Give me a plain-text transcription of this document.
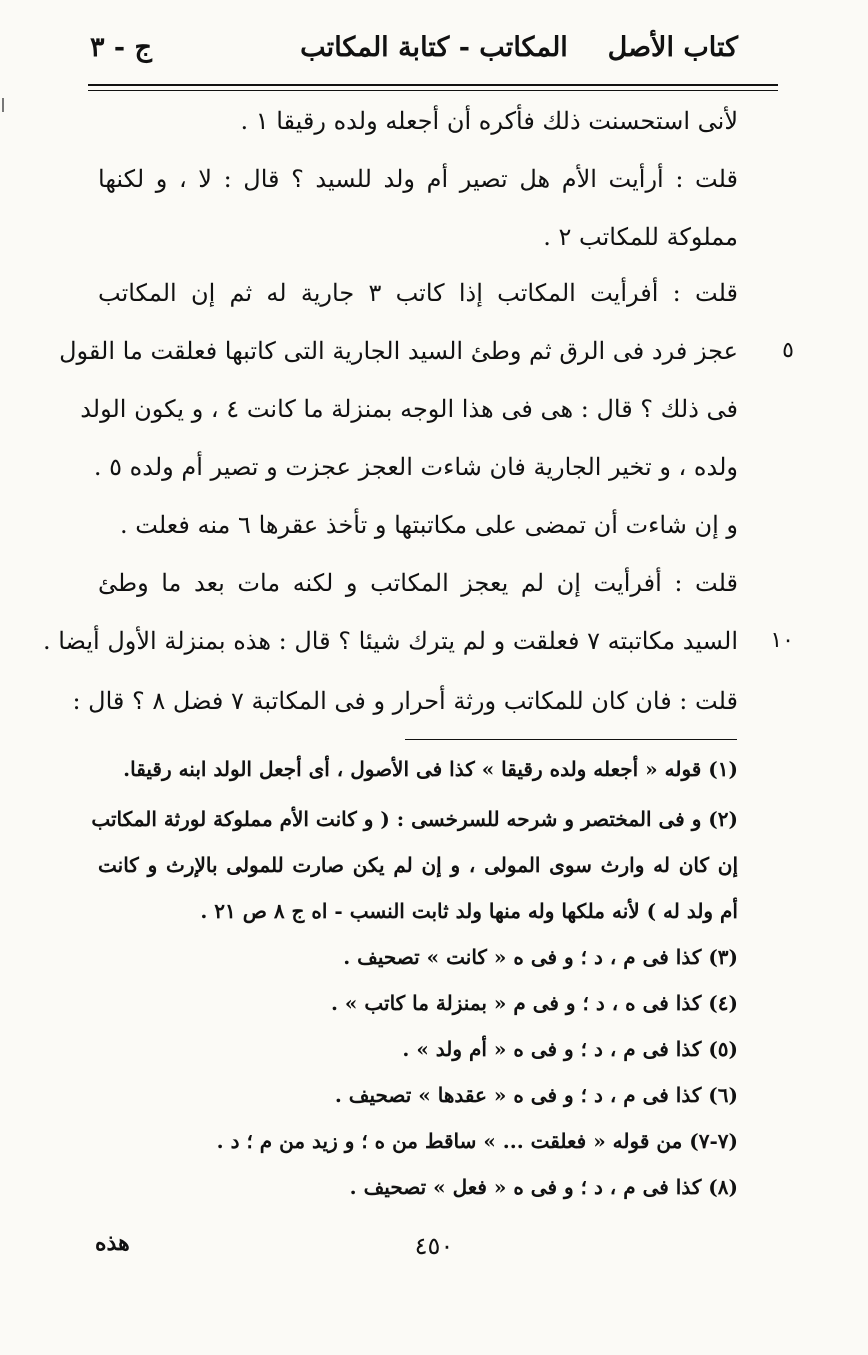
كتاب الأصل
المكاتب - كتابة المكاتب
ج - ٣
لأنى استحسنت ذلك فأكره أن أجعله ولده رقيقا ١ .
قلت : أرأيت الأم هل تصير أم ولد للسيد ؟ قال : لا ، و لكنها
مملوكة للمكاتب ٢ .
قلت : أفرأيت المكاتب إذا كاتب ٣ جارية له ثم إن المكاتب
عجز فرد فى الرق ثم وطئ السيد الجارية التى كاتبها فعلقت ما القول
فى ذلك ؟ قال : هى فى هذا الوجه بمنزلة ما كانت ٤ ، و يكون الولد
ولده ، و تخير الجارية فان شاءت العجز عجزت و تصير أم ولده ٥ .
و إن شاءت أن تمضى على مكاتبتها و تأخذ عقرها ٦ منه فعلت .
قلت : أفرأيت إن لم يعجز المكاتب و لكنه مات بعد ما وطئ
السيد مكاتبته ٧ فعلقت و لم يترك شيئا ؟ قال : هذه بمنزلة الأول أيضا .
قلت : فان كان للمكاتب ورثة أحرار و فى المكاتبة ٧ فضل ٨ ؟ قال :
٥
١٠
(١) قوله « أجعله ولده رقيقا » كذا فى الأصول ، أى أجعل الولد ابنه رقيقا.
(٢) و فى المختصر و شرحه للسرخسى : ( و كانت الأم مملوكة لورثة المكاتب
إن كان له وارث سوى المولى ، و إن لم يكن صارت للمولى بالإرث و كانت
أم ولد له ) لأنه ملكها وله منها ولد ثابت النسب - اه ج ٨ ص ٢١ .
(٣) كذا فى م ، د ؛ و فى ه « كانت » تصحيف .
(٤) كذا فى ه ، د ؛ و فى م « بمنزلة ما كاتب » .
(٥) كذا فى م ، د ؛ و فى ه « أم ولد » .
(٦) كذا فى م ، د ؛ و فى ه « عقدها » تصحيف .
(٧-٧) من قوله « فعلقت ... » ساقط من ه ؛ و زيد من م ؛ د .
(٨) كذا فى م ، د ؛ و فى ه « فعل » تصحيف .
٤٥٠
هذه
